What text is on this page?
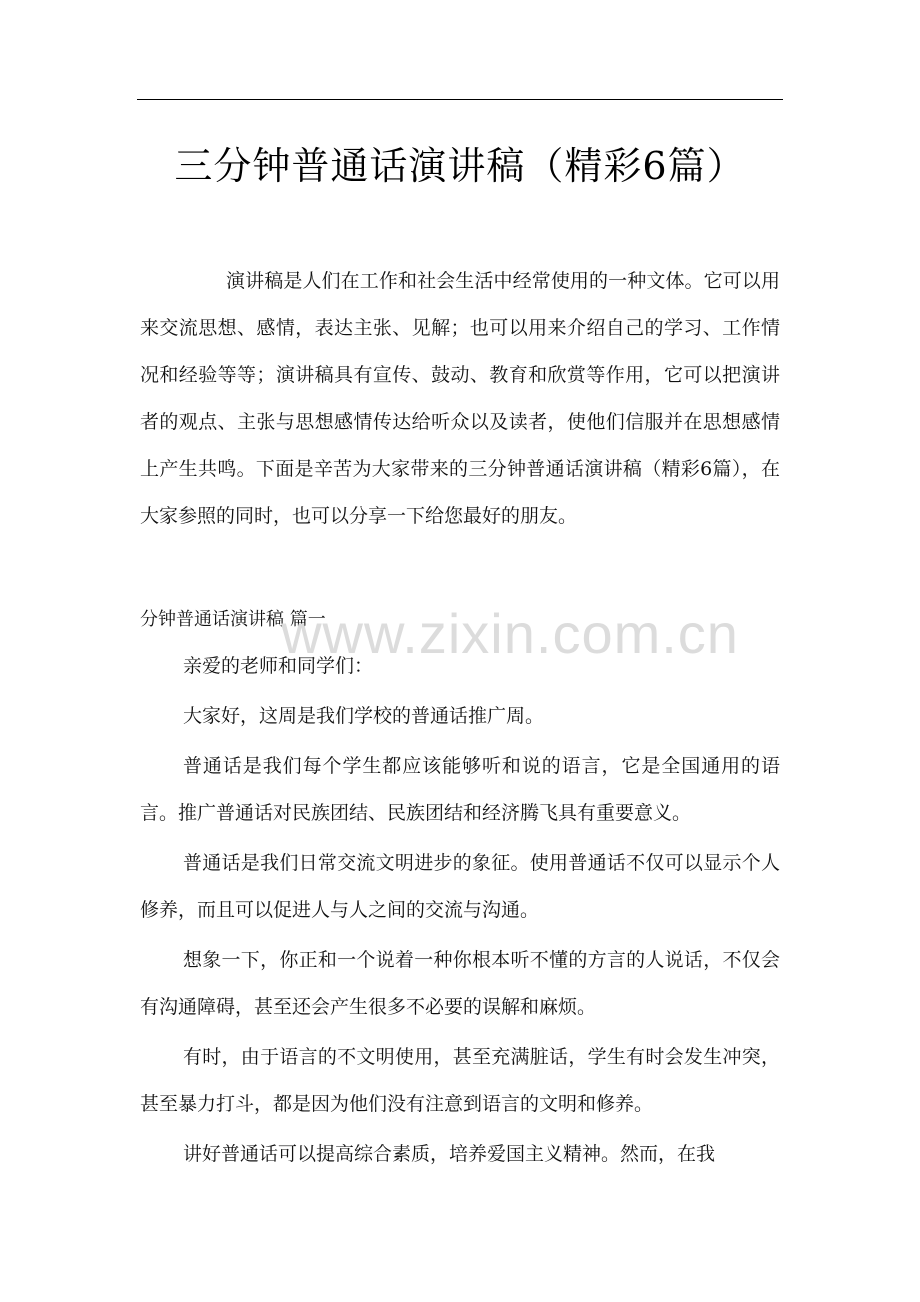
三分钟普通话演讲稿（精彩6篇）
演讲稿是人们在工作和社会生活中经常使用的一种文体。它可以用来交流思想、感情，表达主张、见解；也可以用来介绍自己的学习、工作情况和经验等等；演讲稿具有宣传、鼓动、教育和欣赏等作用，它可以把演讲者的观点、主张与思想感情传达给听众以及读者，使他们信服并在思想感情上产生共鸣。下面是辛苦为大家带来的三分钟普通话演讲稿（精彩6篇），在大家参照的同时，也可以分享一下给您最好的朋友。
分钟普通话演讲稿 篇一
www.zixin.com.cn

亲爱的老师和同学们：

大家好，这周是我们学校的普通话推广周。

普通话是我们每个学生都应该能够听和说的语言，它是全国通用的语言。推广普通话对民族团结、民族团结和经济腾飞具有重要意义。

普通话是我们日常交流文明进步的象征。使用普通话不仅可以显示个人修养，而且可以促进人与人之间的交流与沟通。

想象一下，你正和一个说着一种你根本听不懂的方言的人说话，不仅会有沟通障碍，甚至还会产生很多不必要的误解和麻烦。

有时，由于语言的不文明使用，甚至充满脏话，学生有时会发生冲突，甚至暴力打斗，都是因为他们没有注意到语言的文明和修养。

讲好普通话可以提高综合素质，培养爱国主义精神。然而，在我
